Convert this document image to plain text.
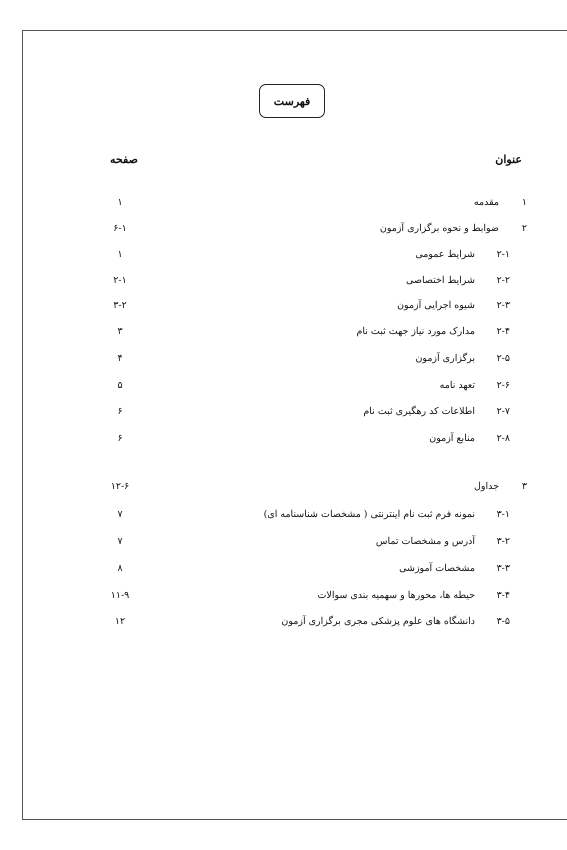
فهرست
عنوان
صفحه
۱
مقدمه
۱
۲
ضوابط و نحوه برگزاری آزمون
۶-۱
۲-۱
شرایط عمومی
۱
۲-۲
شرایط اختصاصی
۲-۱
۲-۳
شیوه اجرایی آزمون
۳-۲
۲-۴
مدارک مورد نیاز جهت ثبت نام
۳
۲-۵
برگزاری آزمون
۴
۲-۶
تعهد نامه
۵
۲-۷
اطلاعات کد رهگیری ثبت نام
۶
۲-۸
منابع آزمون
۶
۳
جداول
۱۲-۶
۳-۱
نمونه فرم ثبت نام اینترنتی ( مشخصات شناسنامه ای)
۷
۳-۲
آدرس و مشخصات تماس
۷
۳-۳
مشخصات آموزشی
۸
۳-۴
حیطه ها، محورها و سهمیه بندی سوالات
۱۱-۹
۳-۵
دانشگاه های علوم پزشکی مجری برگزاری آزمون
۱۲
